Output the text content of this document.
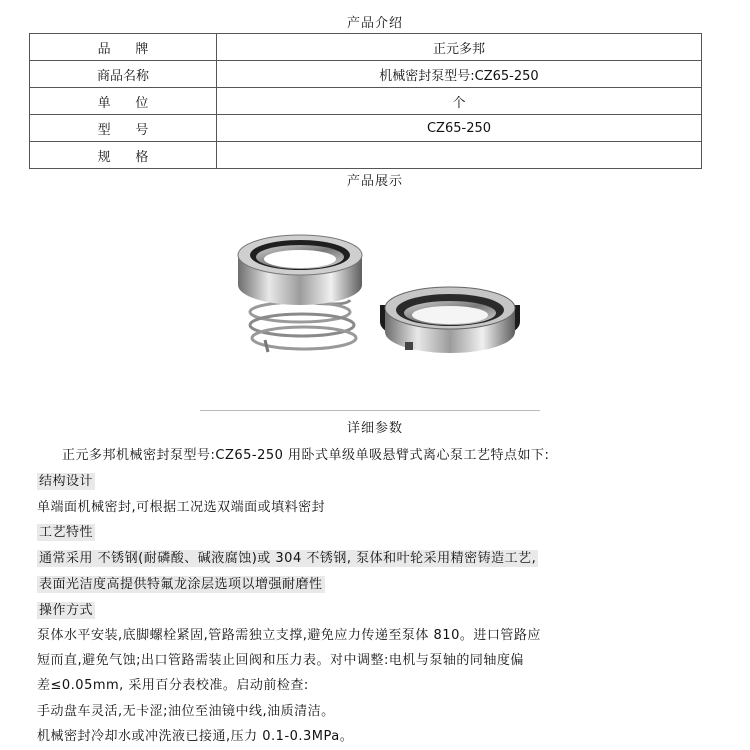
产品介绍
品      牌	正元多邦
商品名称	机械密封泵型号:CZ65-250
单      位	个
型      号	CZ65-250
规      格	
产品展示
详细参数
正元多邦机械密封泵型号:CZ65-250 用卧式单级单吸悬臂式离心泵工艺特点如下:
结构设计
单端面机械密封,可根据工况选双端面或填料密封
工艺特性
通常采用 不锈钢(耐磷酸、碱液腐蚀)或 304 不锈钢, 泵体和叶轮采用精密铸造工艺,
表面光洁度高提供特氟龙涂层选项以增强耐磨性
操作方式
泵体水平安装,底脚螺栓紧固,管路需独立支撑,避免应力传递至泵体 810。进口管路应
短而直,避免气蚀;出口管路需装止回阀和压力表。对中调整:电机与泵轴的同轴度偏
差≤0.05mm, 采用百分表校准。启动前检查:
手动盘车灵活,无卡涩;油位至油镜中线,油质清洁。
机械密封冷却水或冲洗液已接通,压力 0.1-0.3MPa。
